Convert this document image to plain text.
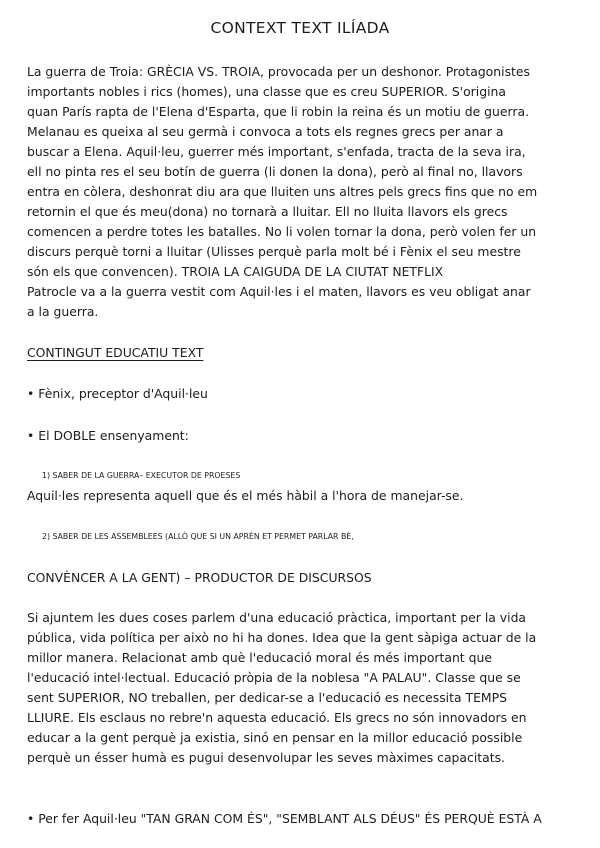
CONTEXT TEXT ILÍADA
La guerra de Troia: GRÈCIA VS. TROIA, provocada per un deshonor. Protagonistes
importants nobles i rics (homes), una classe que es creu SUPERIOR. S'origina
quan París rapta de l'Elena d'Esparta, que li robin la reina és un motiu de guerra.
Melanau es queixa al seu germà i convoca a tots els regnes grecs per anar a
buscar a Elena. Aquil·leu, guerrer més important, s'enfada, tracta de la seva ira,
ell no pinta res el seu botín de guerra (li donen la dona), però al final no, llavors
entra en còlera, deshonrat diu ara que lluiten uns altres pels grecs fins que no em
retornin el que és meu(dona) no tornarà a lluitar. Ell no lluita llavors els grecs
comencen a perdre totes les batalles. No li volen tornar la dona, però volen fer un
discurs perquè torni a lluitar (Ulisses perquè parla molt bé i Fènix el seu mestre
són els que convencen). TROIA LA CAIGUDA DE LA CIUTAT NETFLIX
Patrocle va a la guerra vestit com Aquil·les i el maten, llavors es veu obligat anar
a la guerra.
CONTINGUT EDUCATIU TEXT
• Fènix, preceptor d'Aquil·leu
• El DOBLE ensenyament:
1) SABER DE LA GUERRA– EXECUTOR DE PROESES
Aquil·les representa aquell que és el més hàbil a l'hora de manejar-se.
2) SABER DE LES ASSEMBLEES (ALLÒ QUE SI UN APRÈN ET PERMET PARLAR BÉ,
CONVÈNCER A LA GENT) – PRODUCTOR DE DISCURSOS
Si ajuntem les dues coses parlem d'una educació pràctica, important per la vida
pública, vida política per això no hi ha dones. Idea que la gent sàpiga actuar de la
millor manera. Relacionat amb què l'educació moral és més important que
l'educació intel·lectual. Educació pròpia de la noblesa "A PALAU". Classe que se
sent SUPERIOR, NO treballen, per dedicar-se a l'educació es necessita TEMPS
LLIURE. Els esclaus no rebre'n aquesta educació. Els grecs no són innovadors en
educar a la gent perquè ja existia, sinó en pensar en la millor educació possible
perquè un ésser humà es pugui desenvolupar les seves màximes capacitats.
• Per fer Aquil·leu "TAN GRAN COM ÉS", "SEMBLANT ALS DÉUS" ÉS PERQUÈ ESTÀ A
